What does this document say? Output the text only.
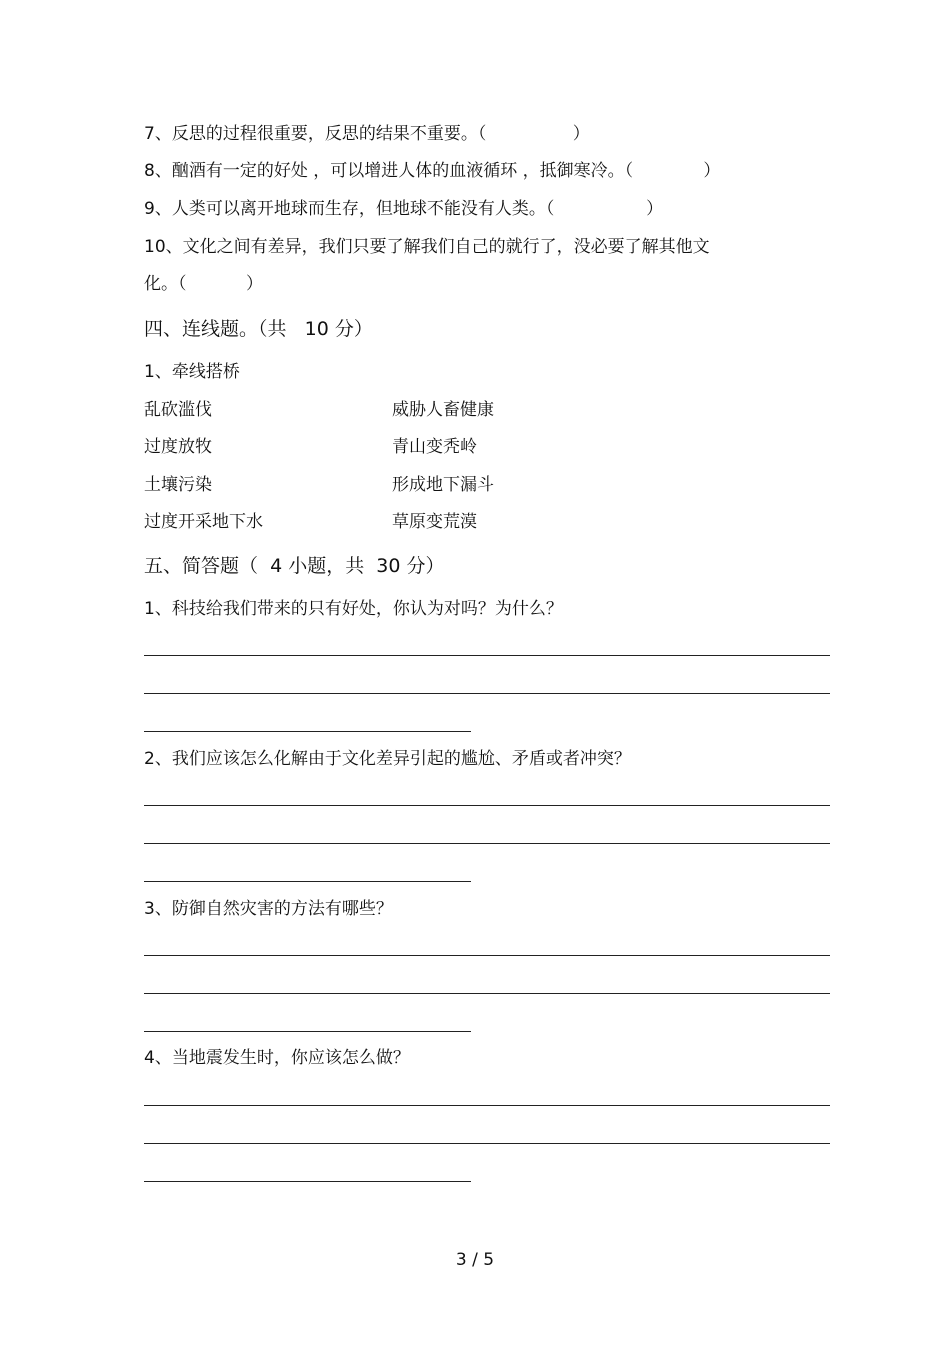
7、反思的过程很重要，反思的结果不重要。（                ）
8、酗酒有一定的好处 ，可以增进人体的血液循环 ，抵御寒冷。（             ）
9、人类可以离开地球而生存，但地球不能没有人类。（                 ）
10、文化之间有差异，我们只要了解我们自己的就行了，没必要了解其他文
化。（           ）
四、连线题。（共   10 分）
1、牵线搭桥
乱砍滥伐	威胁人畜健康
过度放牧	青山变秃岭
土壤污染	形成地下漏斗
过度开采地下水	草原变荒漠
五、简答题（  4 小题，共  30 分）
1、科技给我们带来的只有好处，你认为对吗？为什么？
2、我们应该怎么化解由于文化差异引起的尴尬、矛盾或者冲突？
3、防御自然灾害的方法有哪些？
4、当地震发生时，你应该怎么做？
3 / 5
